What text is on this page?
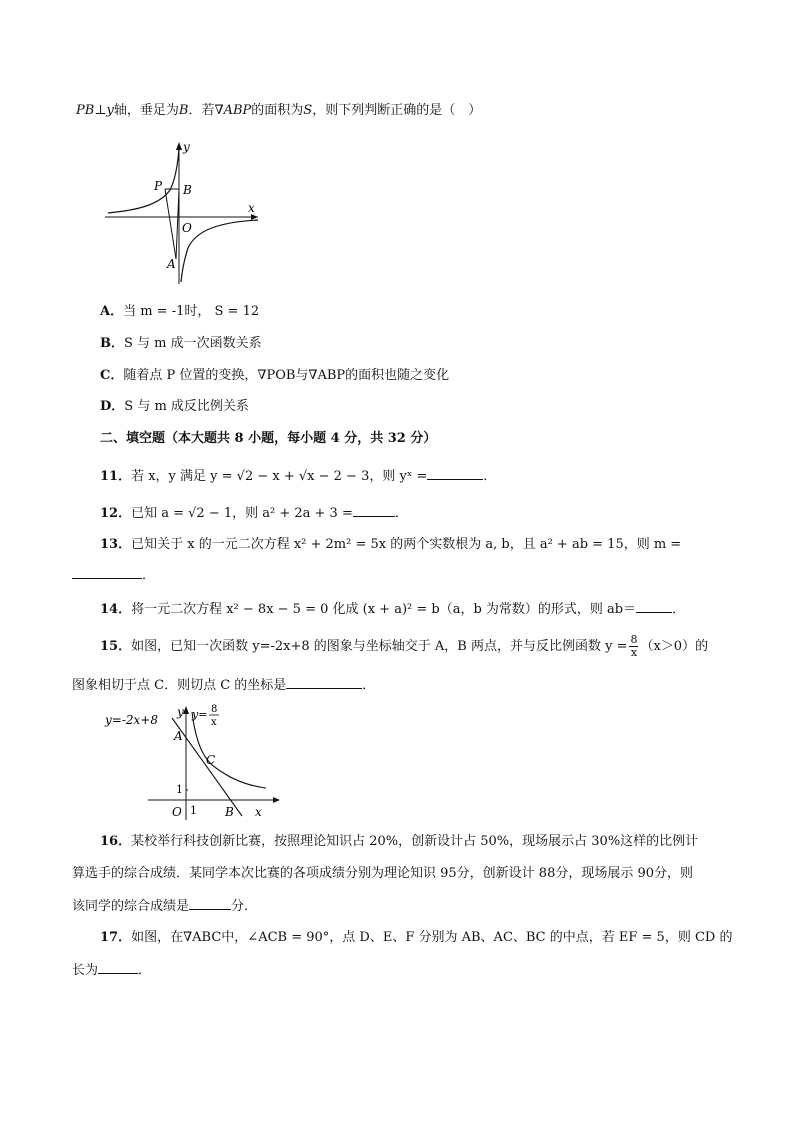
PB⊥y轴，垂足为B．若∇ABP的面积为S，则下列判断正确的是（　）
y
x
P B
O
A
A．当 m = -1时， S = 12
B．S 与 m 成一次函数关系
C．随着点 P 位置的变换，∇POB与∇ABP的面积也随之变化
D．S 与 m 成反比例关系
二、填空题（本大题共 8 小题，每小题 4 分，共 32 分）
11．若 x，y 满足 y = √2 − x + √x − 2 − 3，则 yˣ =	．
12．已知 a = √2 − 1，则 a² + 2a + 3 =	．
13．已知关于 x 的一元二次方程 x² + 2m² = 5x 的两个实数根为 a, b，且 a² + ab = 15，则 m =
．
14．将一元二次方程 x² − 8x − 5 = 0 化成 (x + a)² = b（a，b 为常数）的形式，则 ab＝	．
15．如图，已知一次函数 y=-2x+8 的图象与坐标轴交于 A，B 两点，并与反比例函数 $y = \frac{8}{x} (x>0)$的
图象相切于点 C．则切点 C 的坐标是	．
y=-2x+8
y y= 8
x
A
C
1
O 1 B x
16．某校举行科技创新比赛，按照理论知识占 20%，创新设计占 50%，现场展示占 30%这样的比例计
算选手的综合成绩．某同学本次比赛的各项成绩分别为理论知识 95分，创新设计 88分，现场展示 90分，则
该同学的综合成绩是	分．
17．如图，在∇ABC中，∠ACB = 90°，点 D、E、F 分别为 AB、AC、BC 的中点，若 EF = 5，则 CD 的
长为	．
